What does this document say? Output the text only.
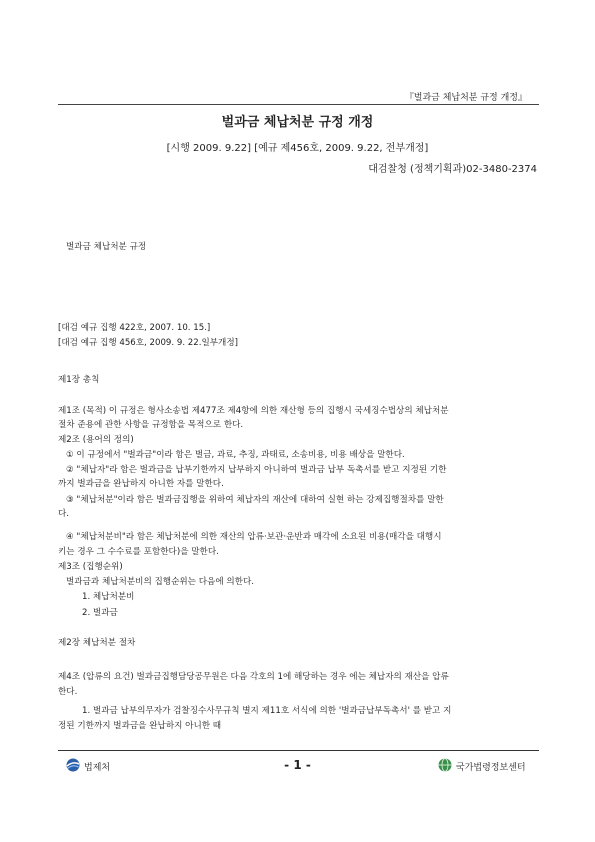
『벌과금 체납처분 규정 개정』
벌과금 체납처분 규정 개정
[시행 2009. 9.22] [예규 제456호, 2009. 9.22, 전부개정]
대검찰청 (정책기획과)02-3480-2374
벌과금 체납처분 규정
[대검 예규 집행 422호, 2007. 10. 15.]
[대검 예규 집행 456호, 2009. 9. 22.일부개정]
제1장 총칙
제1조 (목적) 이 규정은 형사소송법 제477조 제4항에 의한 재산형 등의 집행시 국세징수법상의 체납처분
절차 준용에 관한 사항을 규정함을 목적으로 한다.
제2조 (용어의 정의)
① 이 규정에서 "벌과금"이라 함은 벌금, 과료, 추징, 과태료, 소송비용, 비용 배상을 말한다.
② "체납자"라 함은 벌과금을 납부기한까지 납부하지 아니하여 벌과금 납부 독촉서를 받고 지정된 기한
까지 벌과금을 완납하지 아니한 자를 말한다.
③ "체납처분"이라 함은 벌과금집행을 위하여 체납자의 재산에 대하여 실현 하는 강제집행절차를 말한
다.
④ "체납처분비"라 함은 체납처분에 의한 재산의 압류·보관·운반과 매각에 소요된 비용(매각을 대행시
키는 경우 그 수수료를 포함한다)을 말한다.
제3조 (집행순위)
벌과금과 체납처분비의 집행순위는 다음에 의한다.
1. 체납처분비
2. 벌과금
제2장 체납처분 절차
제4조 (압류의 요건) 벌과금집행담당공무원은 다음 각호의 1에 해당하는 경우 에는 체납자의 재산을 압류
한다.
1. 벌과금 납부의무자가 검찰징수사무규칙 별지 제11호 서식에 의한 '벌과금납부독촉서' 를 받고 지
정된 기한까지 벌과금을 완납하지 아니한 때
법제처	- 1 -	국가법령정보센터
